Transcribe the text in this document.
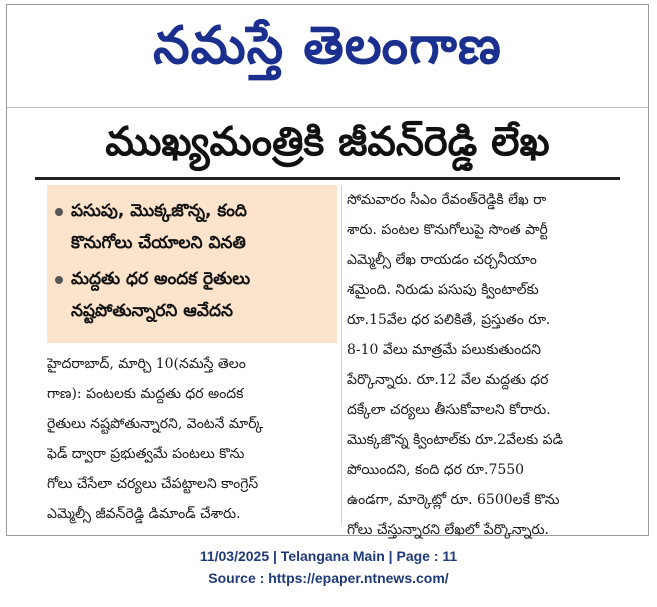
నమస్తే తెలంగాణ
ముఖ్యమంత్రికి జీవన్‌రెడ్డి లేఖ
పసుపు, మొక్కజొన్న, కంది
కొనుగోలు చేయాలని వినతి
మద్దతు ధర అందక రైతులు
నష్టపోతున్నారని ఆవేదన
హైదరాబాద్, మార్చి 10(నమస్తే తెలం
గాణ): పంటలకు మద్దతు ధర అందక
రైతులు నష్టపోతున్నారని, వెంటనే మార్క్
ఫెడ్ ద్వారా ప్రభుత్వమే పంటలు కొను
గోలు చేసేలా చర్యలు చేపట్టాలని కాంగ్రెస్
ఎమ్మెల్సీ జీవన్‌రెడ్డి డిమాండ్ చేశారు.
సోమవారం సీఎం రేవంత్‌రెడ్డికి లేఖ రా
శారు. పంటల కొనుగోలుపై సొంత పార్టీ
ఎమ్మెల్సీ లేఖ రాయడం చర్చనీయాం
శమైంది. నిరుడు పసుపు క్వింటాల్‌కు
రూ.15వేల ధర పలికితే, ప్రస్తుతం రూ.
8-10 వేలు మాత్రమే పలుకుతుందని
పేర్కొన్నారు. రూ.12 వేల మద్దతు ధర
దక్కేలా చర్యలు తీసుకోవాలని కోరారు.
మొక్కజొన్న క్వింటాల్‌కు రూ.2వేలకు పడి
పోయిందని, కంది ధర రూ.7550
ఉండగా, మార్కెట్లో రూ. 6500లకే కొను
గోలు చేస్తున్నారని లేఖలో పేర్కొన్నారు.
11/03/2025 | Telangana Main | Page : 11
Source : https://epaper.ntnews.com/
